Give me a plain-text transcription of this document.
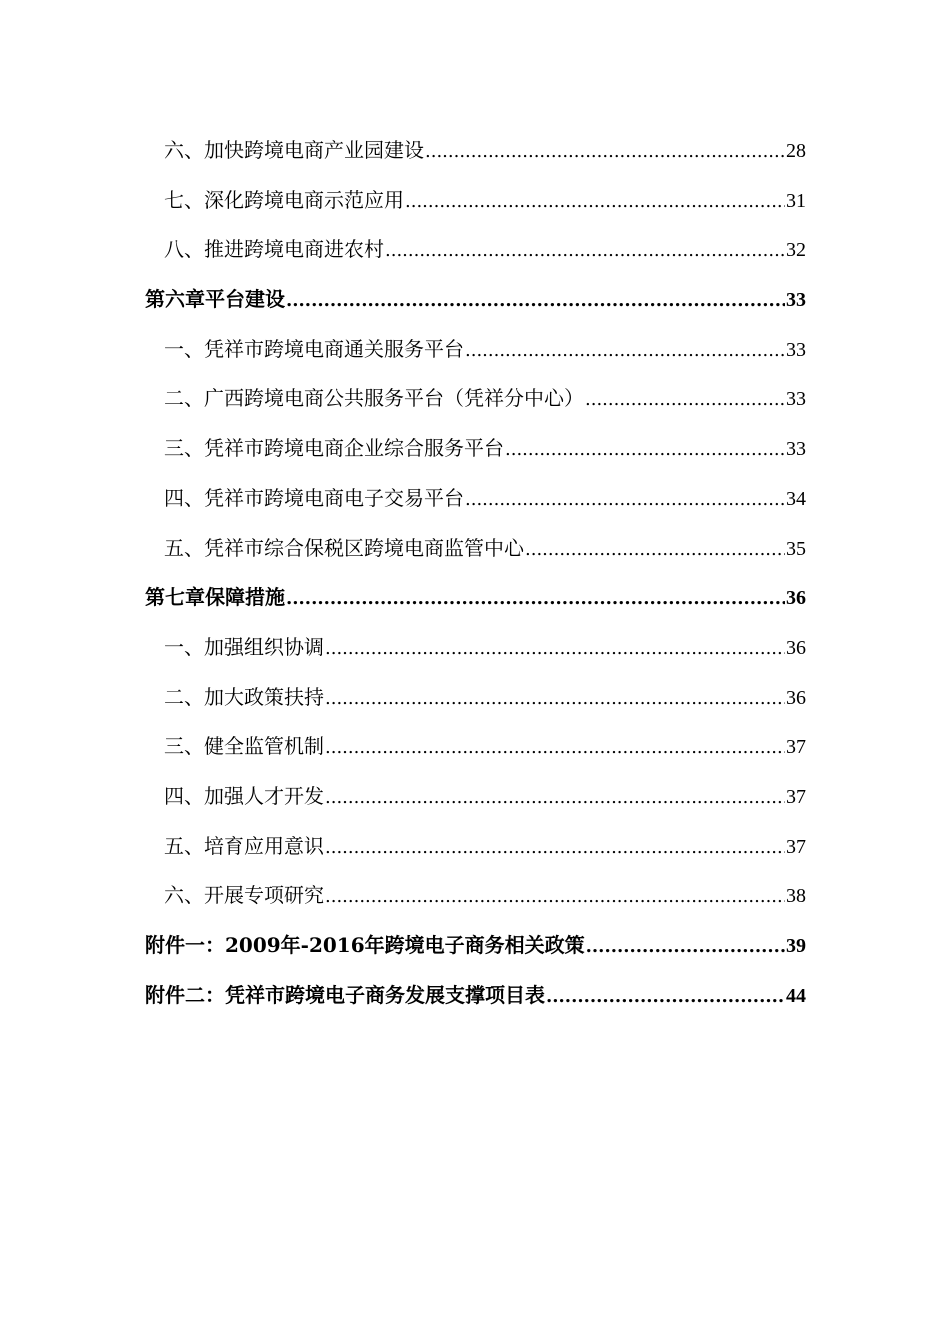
六、加快跨境电商产业园建设 .....	28
七、深化跨境电商示范应用 .....	31
八、推进跨境电商进农村 .....	32
第六章平台建设 .....	33
一、凭祥市跨境电商通关服务平台 .....	33
二、广西跨境电商公共服务平台（凭祥分中心） .....	33
三、凭祥市跨境电商企业综合服务平台 .....	33
四、凭祥市跨境电商电子交易平台 .....	34
五、凭祥市综合保税区跨境电商监管中心 .....	35
第七章保障措施 .....	36
一、加强组织协调 .....	36
二、加大政策扶持 .....	36
三、健全监管机制 .....	37
四、加强人才开发 .....	37
五、培育应用意识 .....	37
六、开展专项研究 .....	38
附件一：2009年-2016年跨境电子商务相关政策 .....	39
附件二：凭祥市跨境电子商务发展支撑项目表 .....	44
